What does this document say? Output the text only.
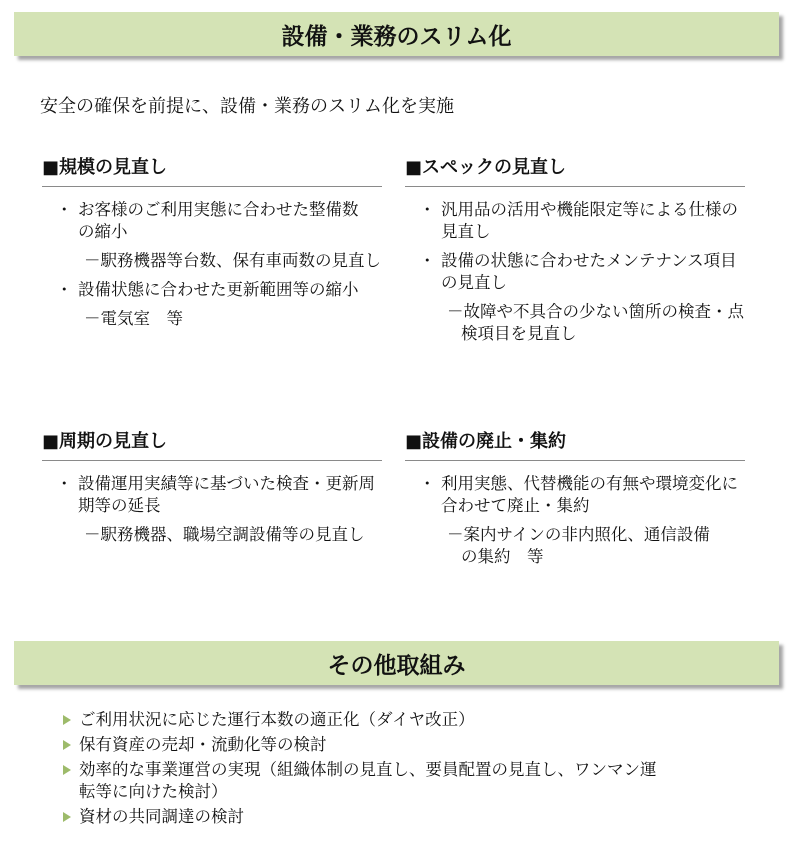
設備・業務のスリム化
安全の確保を前提に、設備・業務のスリム化を実施
■規模の見直し
・ お客様のご利用実態に合わせた整備数の縮小
－駅務機器等台数、保有車両数の見直し
・ 設備状態に合わせた更新範囲等の縮小
－電気室　等
■スペックの見直し
・ 汎用品の活用や機能限定等による仕様の見直し
・ 設備の状態に合わせたメンテナンス項目の見直し
－故障や不具合の少ない箇所の検査・点検項目を見直し
■周期の見直し
・ 設備運用実績等に基づいた検査・更新周期等の延長
－駅務機器、職場空調設備等の見直し
■設備の廃止・集約
・ 利用実態、代替機能の有無や環境変化に合わせて廃止・集約
－案内サインの非内照化、通信設備の集約　等
その他取組み
ご利用状況に応じた運行本数の適正化（ダイヤ改正）
保有資産の売却・流動化等の検討
効率的な事業運営の実現（組織体制の見直し、要員配置の見直し、ワンマン運転等に向けた検討）
資材の共同調達の検討
